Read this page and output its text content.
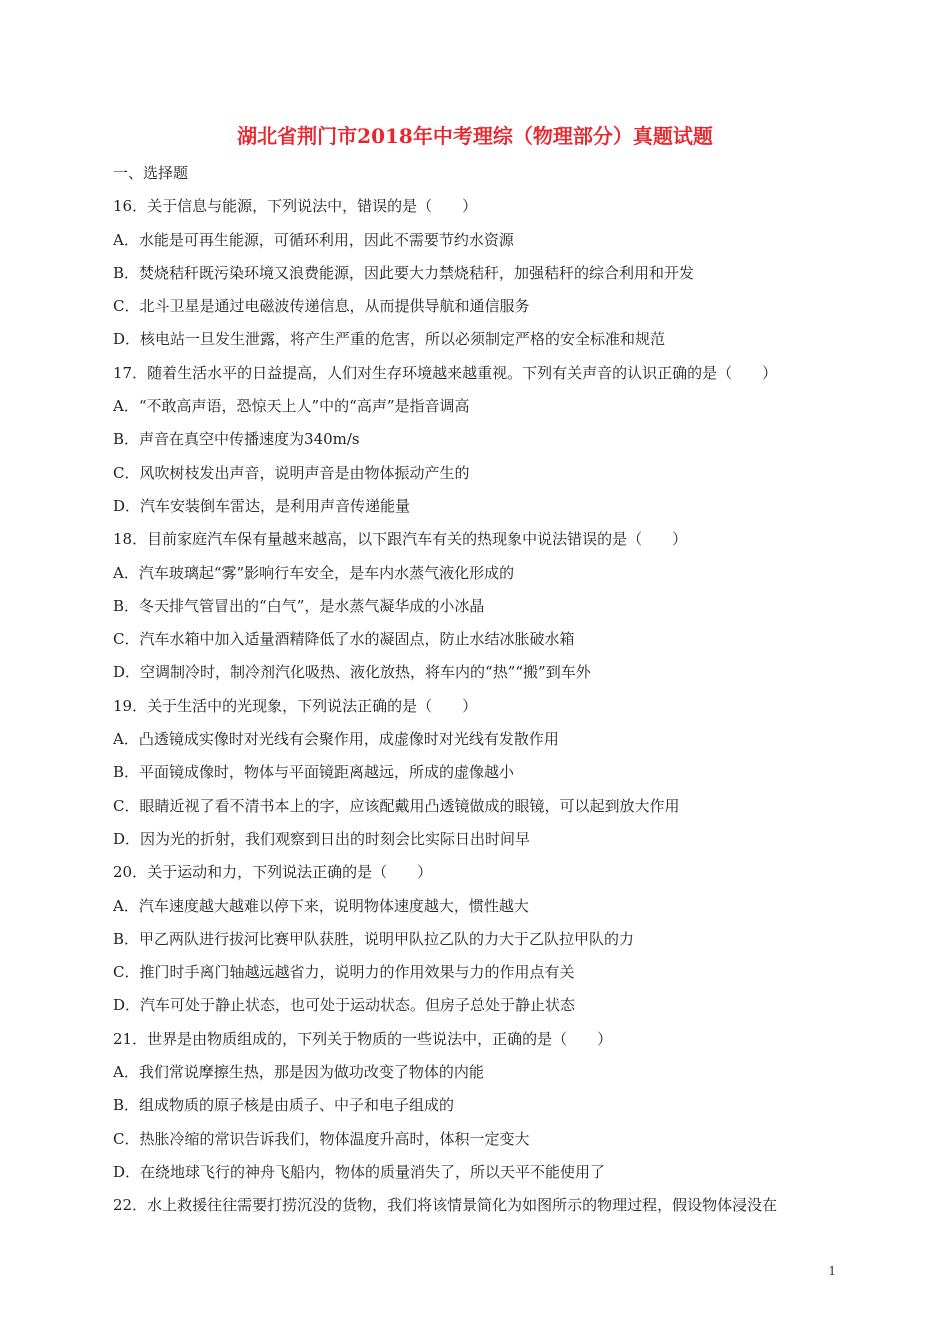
湖北省荆门市2018年中考理综（物理部分）真题试题
一、选择题
16．关于信息与能源，下列说法中，错误的是（　　）
A．水能是可再生能源，可循环利用，因此不需要节约水资源
B．焚烧秸秆既污染环境又浪费能源，因此要大力禁烧秸秆，加强秸秆的综合利用和开发
C．北斗卫星是通过电磁波传递信息，从而提供导航和通信服务
D．核电站一旦发生泄露，将产生严重的危害，所以必须制定严格的安全标准和规范
17．随着生活水平的日益提高，人们对生存环境越来越重视。下列有关声音的认识正确的是（　　）
A．“不敢高声语，恐惊天上人”中的“高声”是指音调高
B．声音在真空中传播速度为340m/s
C．风吹树枝发出声音，说明声音是由物体振动产生的
D．汽车安装倒车雷达，是利用声音传递能量
18．目前家庭汽车保有量越来越高，以下跟汽车有关的热现象中说法错误的是（　　）
A．汽车玻璃起“雾”影响行车安全，是车内水蒸气液化形成的
B．冬天排气管冒出的“白气”，是水蒸气凝华成的小冰晶
C．汽车水箱中加入适量酒精降低了水的凝固点，防止水结冰胀破水箱
D．空调制冷时，制冷剂汽化吸热、液化放热，将车内的“热”“搬”到车外
19．关于生活中的光现象，下列说法正确的是（　　）
A．凸透镜成实像时对光线有会聚作用，成虚像时对光线有发散作用
B．平面镜成像时，物体与平面镜距离越远，所成的虚像越小
C．眼睛近视了看不清书本上的字，应该配戴用凸透镜做成的眼镜，可以起到放大作用
D．因为光的折射，我们观察到日出的时刻会比实际日出时间早
20．关于运动和力，下列说法正确的是（　　）
A．汽车速度越大越难以停下来，说明物体速度越大，惯性越大
B．甲乙两队进行拔河比赛甲队获胜，说明甲队拉乙队的力大于乙队拉甲队的力
C．推门时手离门轴越远越省力，说明力的作用效果与力的作用点有关
D．汽车可处于静止状态，也可处于运动状态。但房子总处于静止状态
21．世界是由物质组成的，下列关于物质的一些说法中，正确的是（　　）
A．我们常说摩擦生热，那是因为做功改变了物体的内能
B．组成物质的原子核是由质子、中子和电子组成的
C．热胀冷缩的常识告诉我们，物体温度升高时，体积一定变大
D．在绕地球飞行的神舟飞船内，物体的质量消失了，所以天平不能使用了
22．水上救援往往需要打捞沉没的货物，我们将该情景简化为如图所示的物理过程，假设物体浸没在
1
